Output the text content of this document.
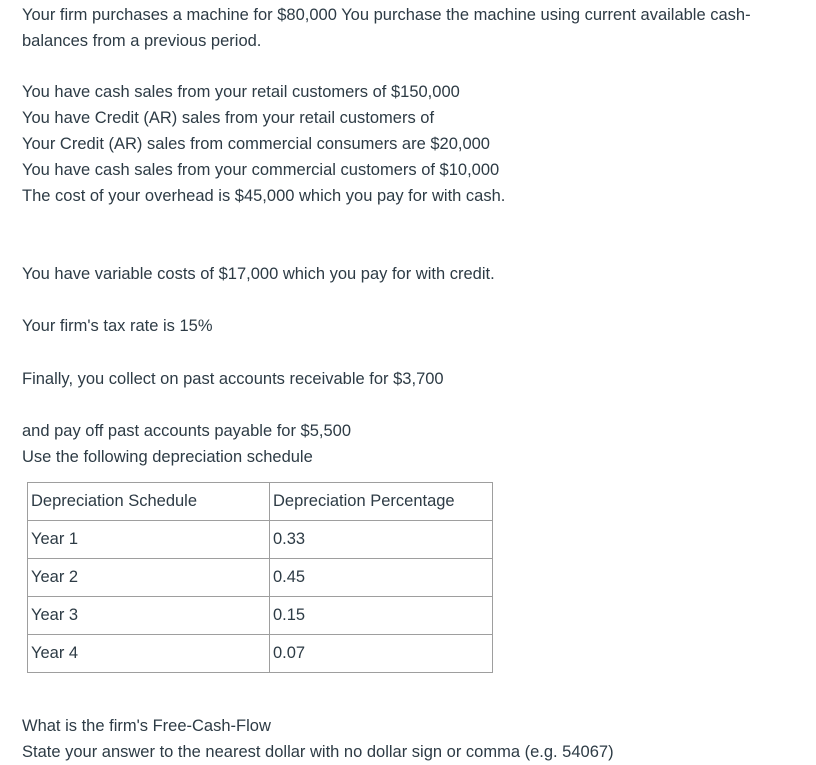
Your firm purchases a machine for $80,000 You purchase the machine using current available cash-

balances from a previous period.

You have cash sales from your retail customers of $150,000

You have Credit (AR) sales from your retail customers of

Your Credit (AR) sales from commercial consumers are $20,000

You have cash sales from your commercial customers of $10,000

The cost of your overhead is $45,000 which you pay for with cash.

You have variable costs of $17,000 which you pay for with credit.

Your firm's tax rate is 15%

Finally, you collect on past accounts receivable for $3,700

and pay off past accounts payable for $5,500

Use the following depreciation schedule

Depreciation Schedule	Depreciation Percentage
Year 1	0.33
Year 2	0.45
Year 3	0.15
Year 4	0.07

What is the firm's Free-Cash-Flow

State your answer to the nearest dollar with no dollar sign or comma (e.g. 54067)
